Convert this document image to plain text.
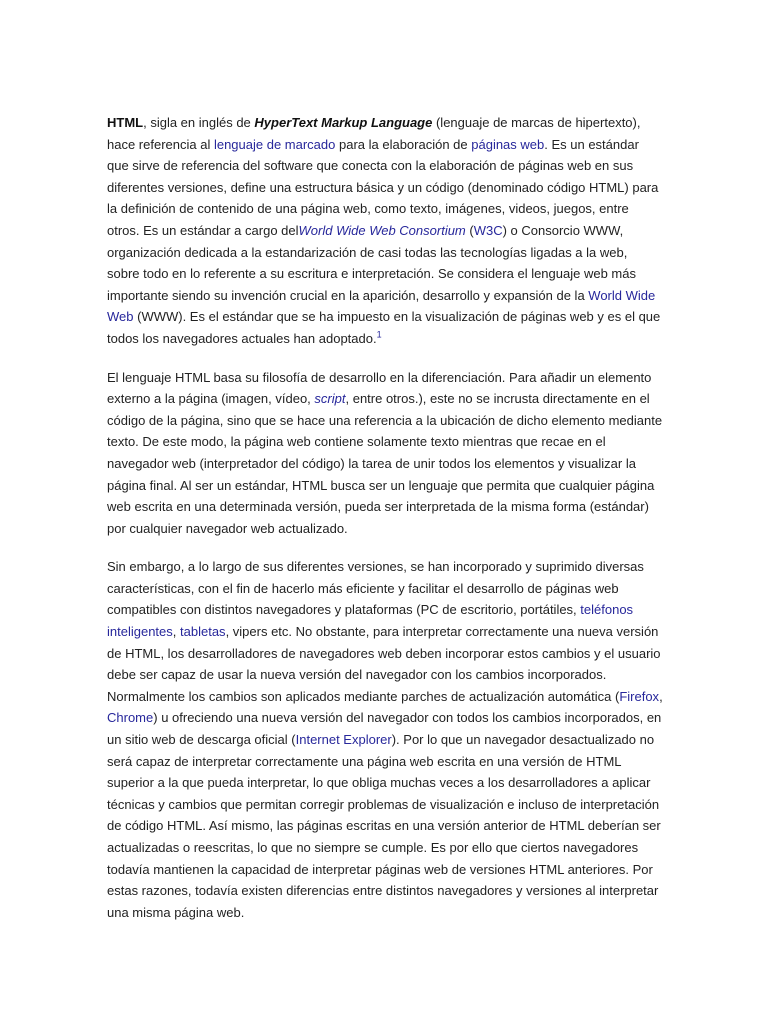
HTML, sigla en inglés de HyperText Markup Language (lenguaje de marcas de hipertexto), hace referencia al lenguaje de marcado para la elaboración de páginas web. Es un estándar que sirve de referencia del software que conecta con la elaboración de páginas web en sus diferentes versiones, define una estructura básica y un código (denominado código HTML) para la definición de contenido de una página web, como texto, imágenes, videos, juegos, entre otros. Es un estándar a cargo delWorld Wide Web Consortium (W3C) o Consorcio WWW, organización dedicada a la estandarización de casi todas las tecnologías ligadas a la web, sobre todo en lo referente a su escritura e interpretación. Se considera el lenguaje web más importante siendo su invención crucial en la aparición, desarrollo y expansión de la World Wide Web (WWW). Es el estándar que se ha impuesto en la visualización de páginas web y es el que todos los navegadores actuales han adoptado.$^1$

El lenguaje HTML basa su filosofía de desarrollo en la diferenciación. Para añadir un elemento externo a la página (imagen, vídeo, script, entre otros.), este no se incrusta directamente en el código de la página, sino que se hace una referencia a la ubicación de dicho elemento mediante texto. De este modo, la página web contiene solamente texto mientras que recae en el navegador web (interpretador del código) la tarea de unir todos los elementos y visualizar la página final. Al ser un estándar, HTML busca ser un lenguaje que permita que cualquier página web escrita en una determinada versión, pueda ser interpretada de la misma forma (estándar) por cualquier navegador web actualizado.

Sin embargo, a lo largo de sus diferentes versiones, se han incorporado y suprimido diversas características, con el fin de hacerlo más eficiente y facilitar el desarrollo de páginas web compatibles con distintos navegadores y plataformas (PC de escritorio, portátiles, teléfonos inteligentes, tabletas, vipers etc. No obstante, para interpretar correctamente una nueva versión de HTML, los desarrolladores de navegadores web deben incorporar estos cambios y el usuario debe ser capaz de usar la nueva versión del navegador con los cambios incorporados. Normalmente los cambios son aplicados mediante parches de actualización automática (Firefox, Chrome) u ofreciendo una nueva versión del navegador con todos los cambios incorporados, en un sitio web de descarga oficial (Internet Explorer). Por lo que un navegador desactualizado no será capaz de interpretar correctamente una página web escrita en una versión de HTML superior a la que pueda interpretar, lo que obliga muchas veces a los desarrolladores a aplicar técnicas y cambios que permitan corregir problemas de visualización e incluso de interpretación de código HTML. Así mismo, las páginas escritas en una versión anterior de HTML deberían ser actualizadas o reescritas, lo que no siempre se cumple. Es por ello que ciertos navegadores todavía mantienen la capacidad de interpretar páginas web de versiones HTML anteriores. Por estas razones, todavía existen diferencias entre distintos navegadores y versiones al interpretar una misma página web.
